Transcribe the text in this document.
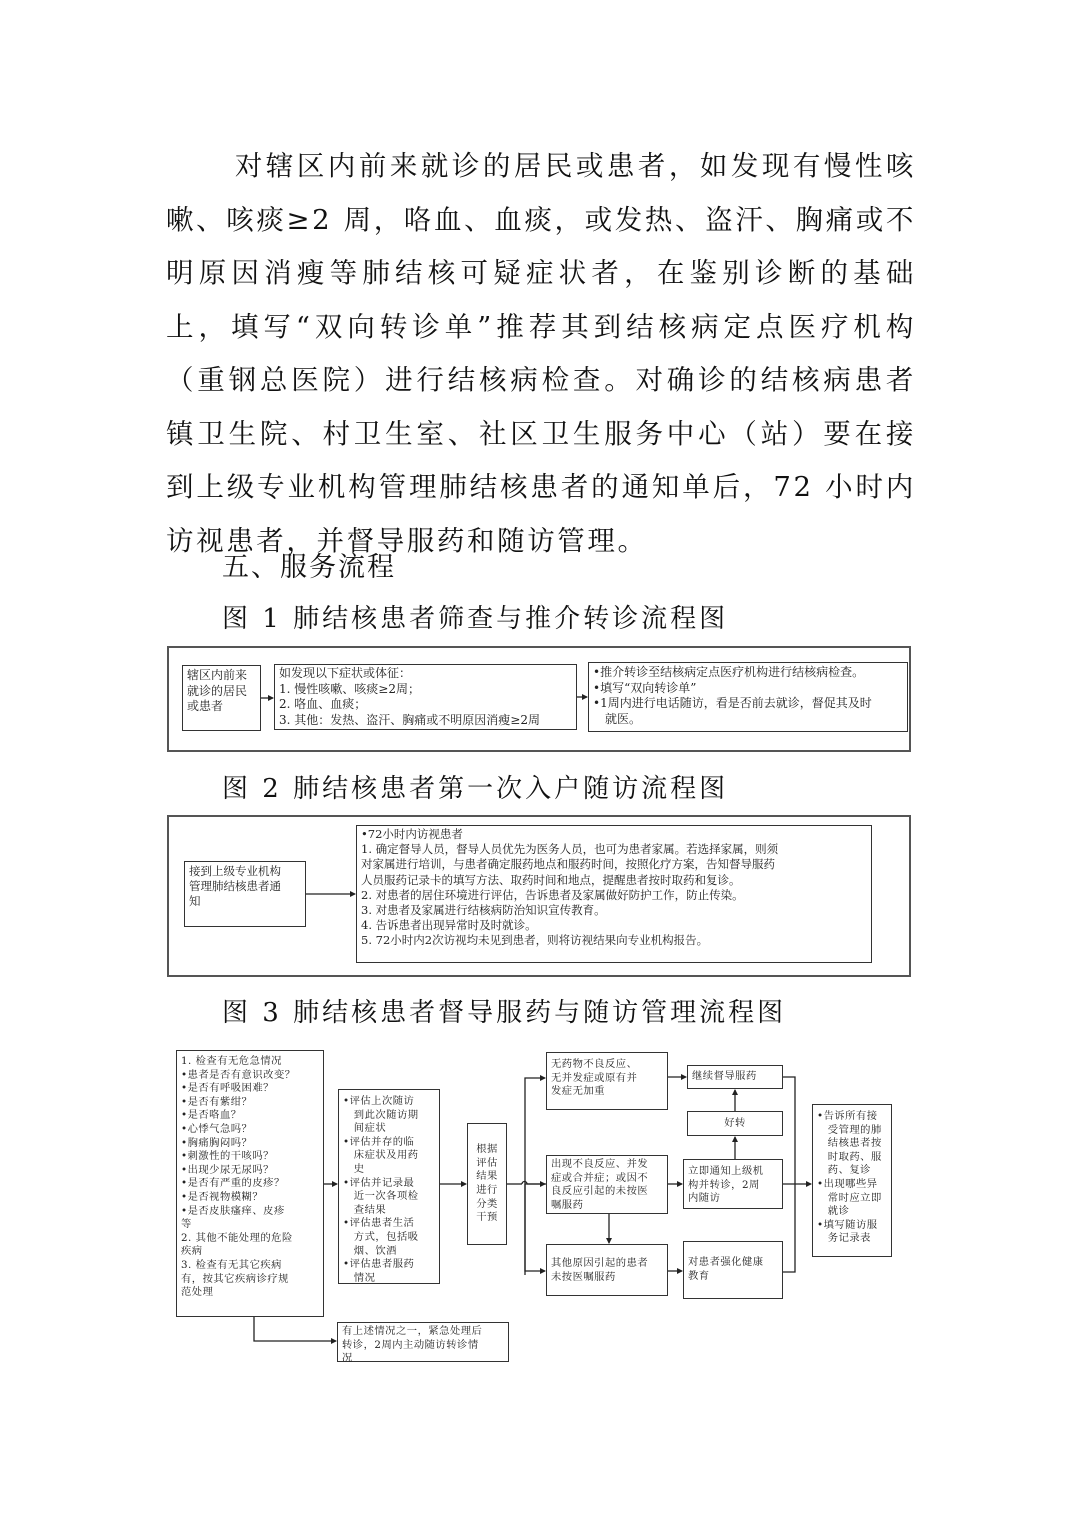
对辖区内前来就诊的居民或患者，如发现有慢性咳嗽、咳痰≥2 周，咯血、血痰，或发热、盗汗、胸痛或不明原因消瘦等肺结核可疑症状者，在鉴别诊断的基础上，填写“双向转诊单”推荐其到结核病定点医疗机构（重钢总医院）进行结核病检查。对确诊的结核病患者镇卫生院、村卫生室、社区卫生服务中心（站）要在接到上级专业机构管理肺结核患者的通知单后，72 小时内访视患者，并督导服药和随访管理。

五、服务流程
图 1 肺结核患者筛查与推介转诊流程图
辖区内前来
就诊的居民
或患者
如发现以下症状或体征：
1. 慢性咳嗽、咳痰≥2周；
2. 咯血、血痰；
3. 其他：发热、盗汗、胸痛或不明原因消瘦≥2周
•推介转诊至结核病定点医疗机构进行结核病检查。
•填写“双向转诊单”
•1周内进行电话随访，看是否前去就诊，督促其及时
　就医。
图 2 肺结核患者第一次入户随访流程图
接到上级专业机构
管理肺结核患者通
知
•72小时内访视患者
1. 确定督导人员，督导人员优先为医务人员，也可为患者家属。若选择家属，则须
对家属进行培训，与患者确定服药地点和服药时间，按照化疗方案，告知督导服药
人员服药记录卡的填写方法、取药时间和地点，提醒患者按时取药和复诊。
2. 对患者的居住环境进行评估，告诉患者及家属做好防护工作，防止传染。
3. 对患者及家属进行结核病防治知识宣传教育。
4. 告诉患者出现异常时及时就诊。
5. 72小时内2次访视均未见到患者，则将访视结果向专业机构报告。
图 3 肺结核患者督导服药与随访管理流程图
1. 检查有无危急情况
•患者是否有意识改变？
•是否有呼吸困难？
•是否有紫绀？
•是否咯血？
•心悸气急吗？
•胸痛胸闷吗？
•刺激性的干咳吗？
•出现少尿无尿吗？
•是否有严重的皮疹？
•是否视物模糊？
•是否皮肤瘙痒、皮疹
等
2. 其他不能处理的危险
疾病
3. 检查有无其它疾病
有，按其它疾病诊疗规
范处理
•评估上次随访
　到此次随访期
　间症状
•评估并存的临
　床症状及用药
　史
•评估并记录最
　近一次各项检
　查结果
•评估患者生活
　方式，包括吸
　烟、饮酒
•评估患者服药
　情况
根据
评估
结果
进行
分类
干预
无药物不良反应、
无并发症或原有并
发症无加重
出现不良反应、并发
症或合并症；或因不
良反应引起的未按医
嘱服药
其他原因引起的患者
未按医嘱服药
继续督导服药
好转
立即通知上级机
构并转诊，2周
内随访
对患者强化健康
教育
•告诉所有接
　受管理的肺
　结核患者按
　时取药、服
　药、复诊
•出现哪些异
　常时应立即
　就诊
•填写随访服
　务记录表
有上述情况之一，紧急处理后
转诊，2周内主动随访转诊情
况
